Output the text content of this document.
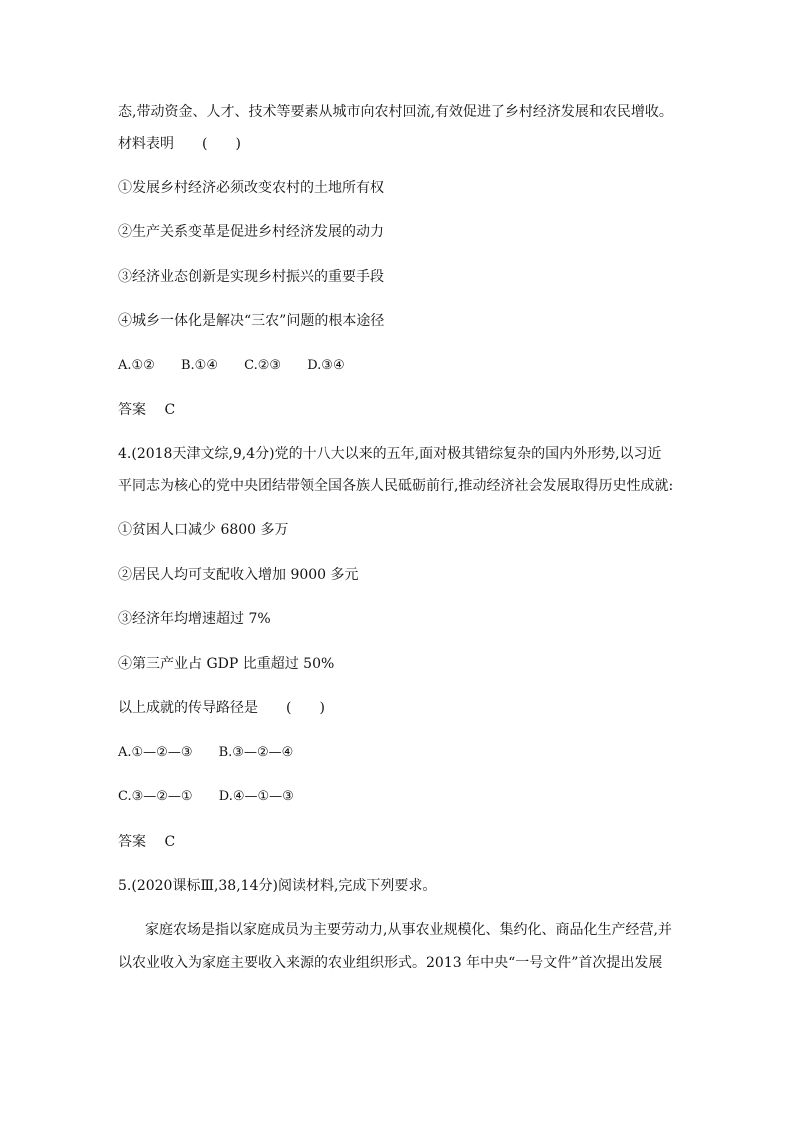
态,带动资金、人才、技术等要素从城市向农村回流,有效促进了乡村经济发展和农民增收。
材料表明　　(　　)
①发展乡村经济必须改变农村的土地所有权
②生产关系变革是促进乡村经济发展的动力
③经济业态创新是实现乡村振兴的重要手段
④城乡一体化是解决“三农”问题的根本途径
A.①② B.①④ C.②③ D.③④
答案 C
4.(2018天津文综,9,4分)党的十八大以来的五年,面对极其错综复杂的国内外形势,以习近
平同志为核心的党中央团结带领全国各族人民砥砺前行,推动经济社会发展取得历史性成就:
①贫困人口减少 6800 多万
②居民人均可支配收入增加 9000 多元
③经济年均增速超过 7%
④第三产业占 GDP 比重超过 50%
以上成就的传导路径是　　(　　)
A.①—②—③ B.③—②—④
C.③—②—① D.④—①—③
答案 C
5.(2020课标Ⅲ,38,14分)阅读材料,完成下列要求。
家庭农场是指以家庭成员为主要劳动力,从事农业规模化、集约化、商品化生产经营,并
以农业收入为家庭主要收入来源的农业组织形式。2013 年中央“一号文件”首次提出发展
